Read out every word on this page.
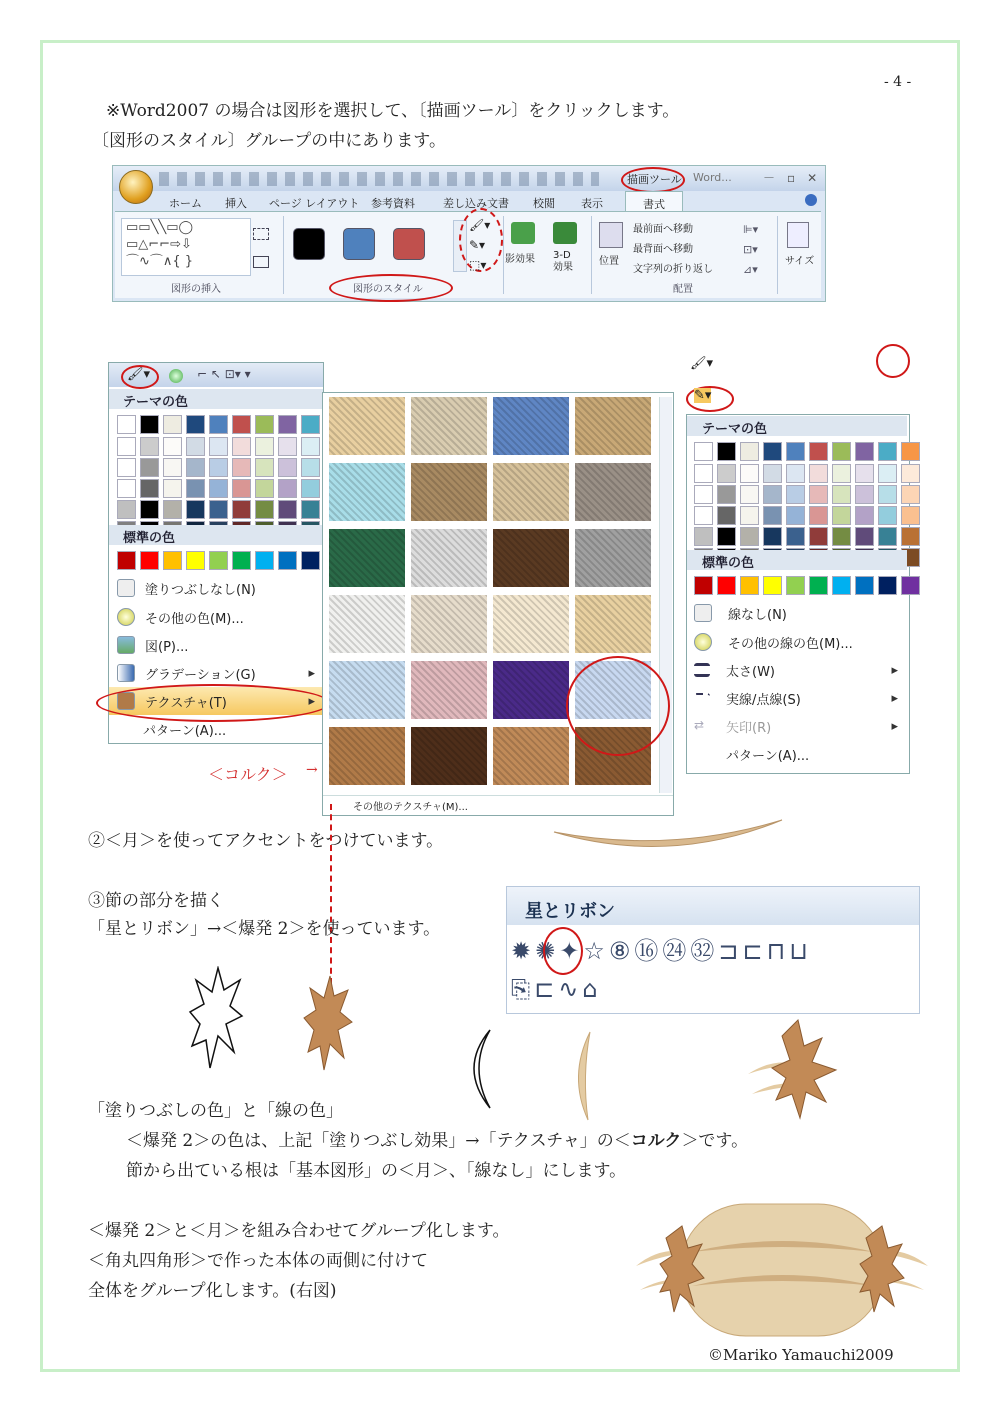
- 4 -
※Word2007 の場合は図形を選択して、〔描画ツール〕をクリックします。
〔図形のスタイル〕グループの中にあります。
描画ツール Word...	－　▫　✕
ホーム 挿入 ページ レイアウト 参考資料	差し込み文書 校閲 表示	書式
▭▭╲╲▭◯
▭△⌐⌐⇨⇩
⌒∿⌒∧{ }
図形の挿入
🖌▾
✎▾
⬚▾
図形のスタイル
影効果 3-D
効果
位置
最前面へ移動
最背面へ移動
文字列の折り返し
⊫▾
⊡▾
⊿▾
配置
サイズ
🖌▾	⌐ ↖ ⊡▾ ▾
テーマの色
標準の色
塗りつぶしなし(N)
その他の色(M)...
図(P)...
グラデーション(G)	▸
テクスチャ(T)	▸
パターン(A)...
その他のテクスチャ(M)...
＜コルク＞ →
🖌▾
✎▾
テーマの色
標準の色
線なし(N)
その他の線の色(M)...
太さ(W)	▸
実線/点線(S)	▸
⇄	矢印(R)	▸
パターン(A)...
②＜月＞を使ってアクセントをつけています。
③節の部分を描く
「星とリボン」→＜爆発 2＞を使っています。
星とリボン
✹✺✦☆⑧⑯㉔㉜⊐⊏⊓⊔
⎘⊏∿⌂
「塗りつぶしの色」と「線の色」
＜爆発 2＞の色は、上記「塗りつぶし効果」→「テクスチャ」の＜コルク＞です。
節から出ている根は「基本図形」の＜月＞、「線なし」にします。
＜爆発 2＞と＜月＞を組み合わせてグループ化します。
＜角丸四角形＞で作った本体の両側に付けて
全体をグループ化します。(右図)
©Mariko Yamauchi2009
